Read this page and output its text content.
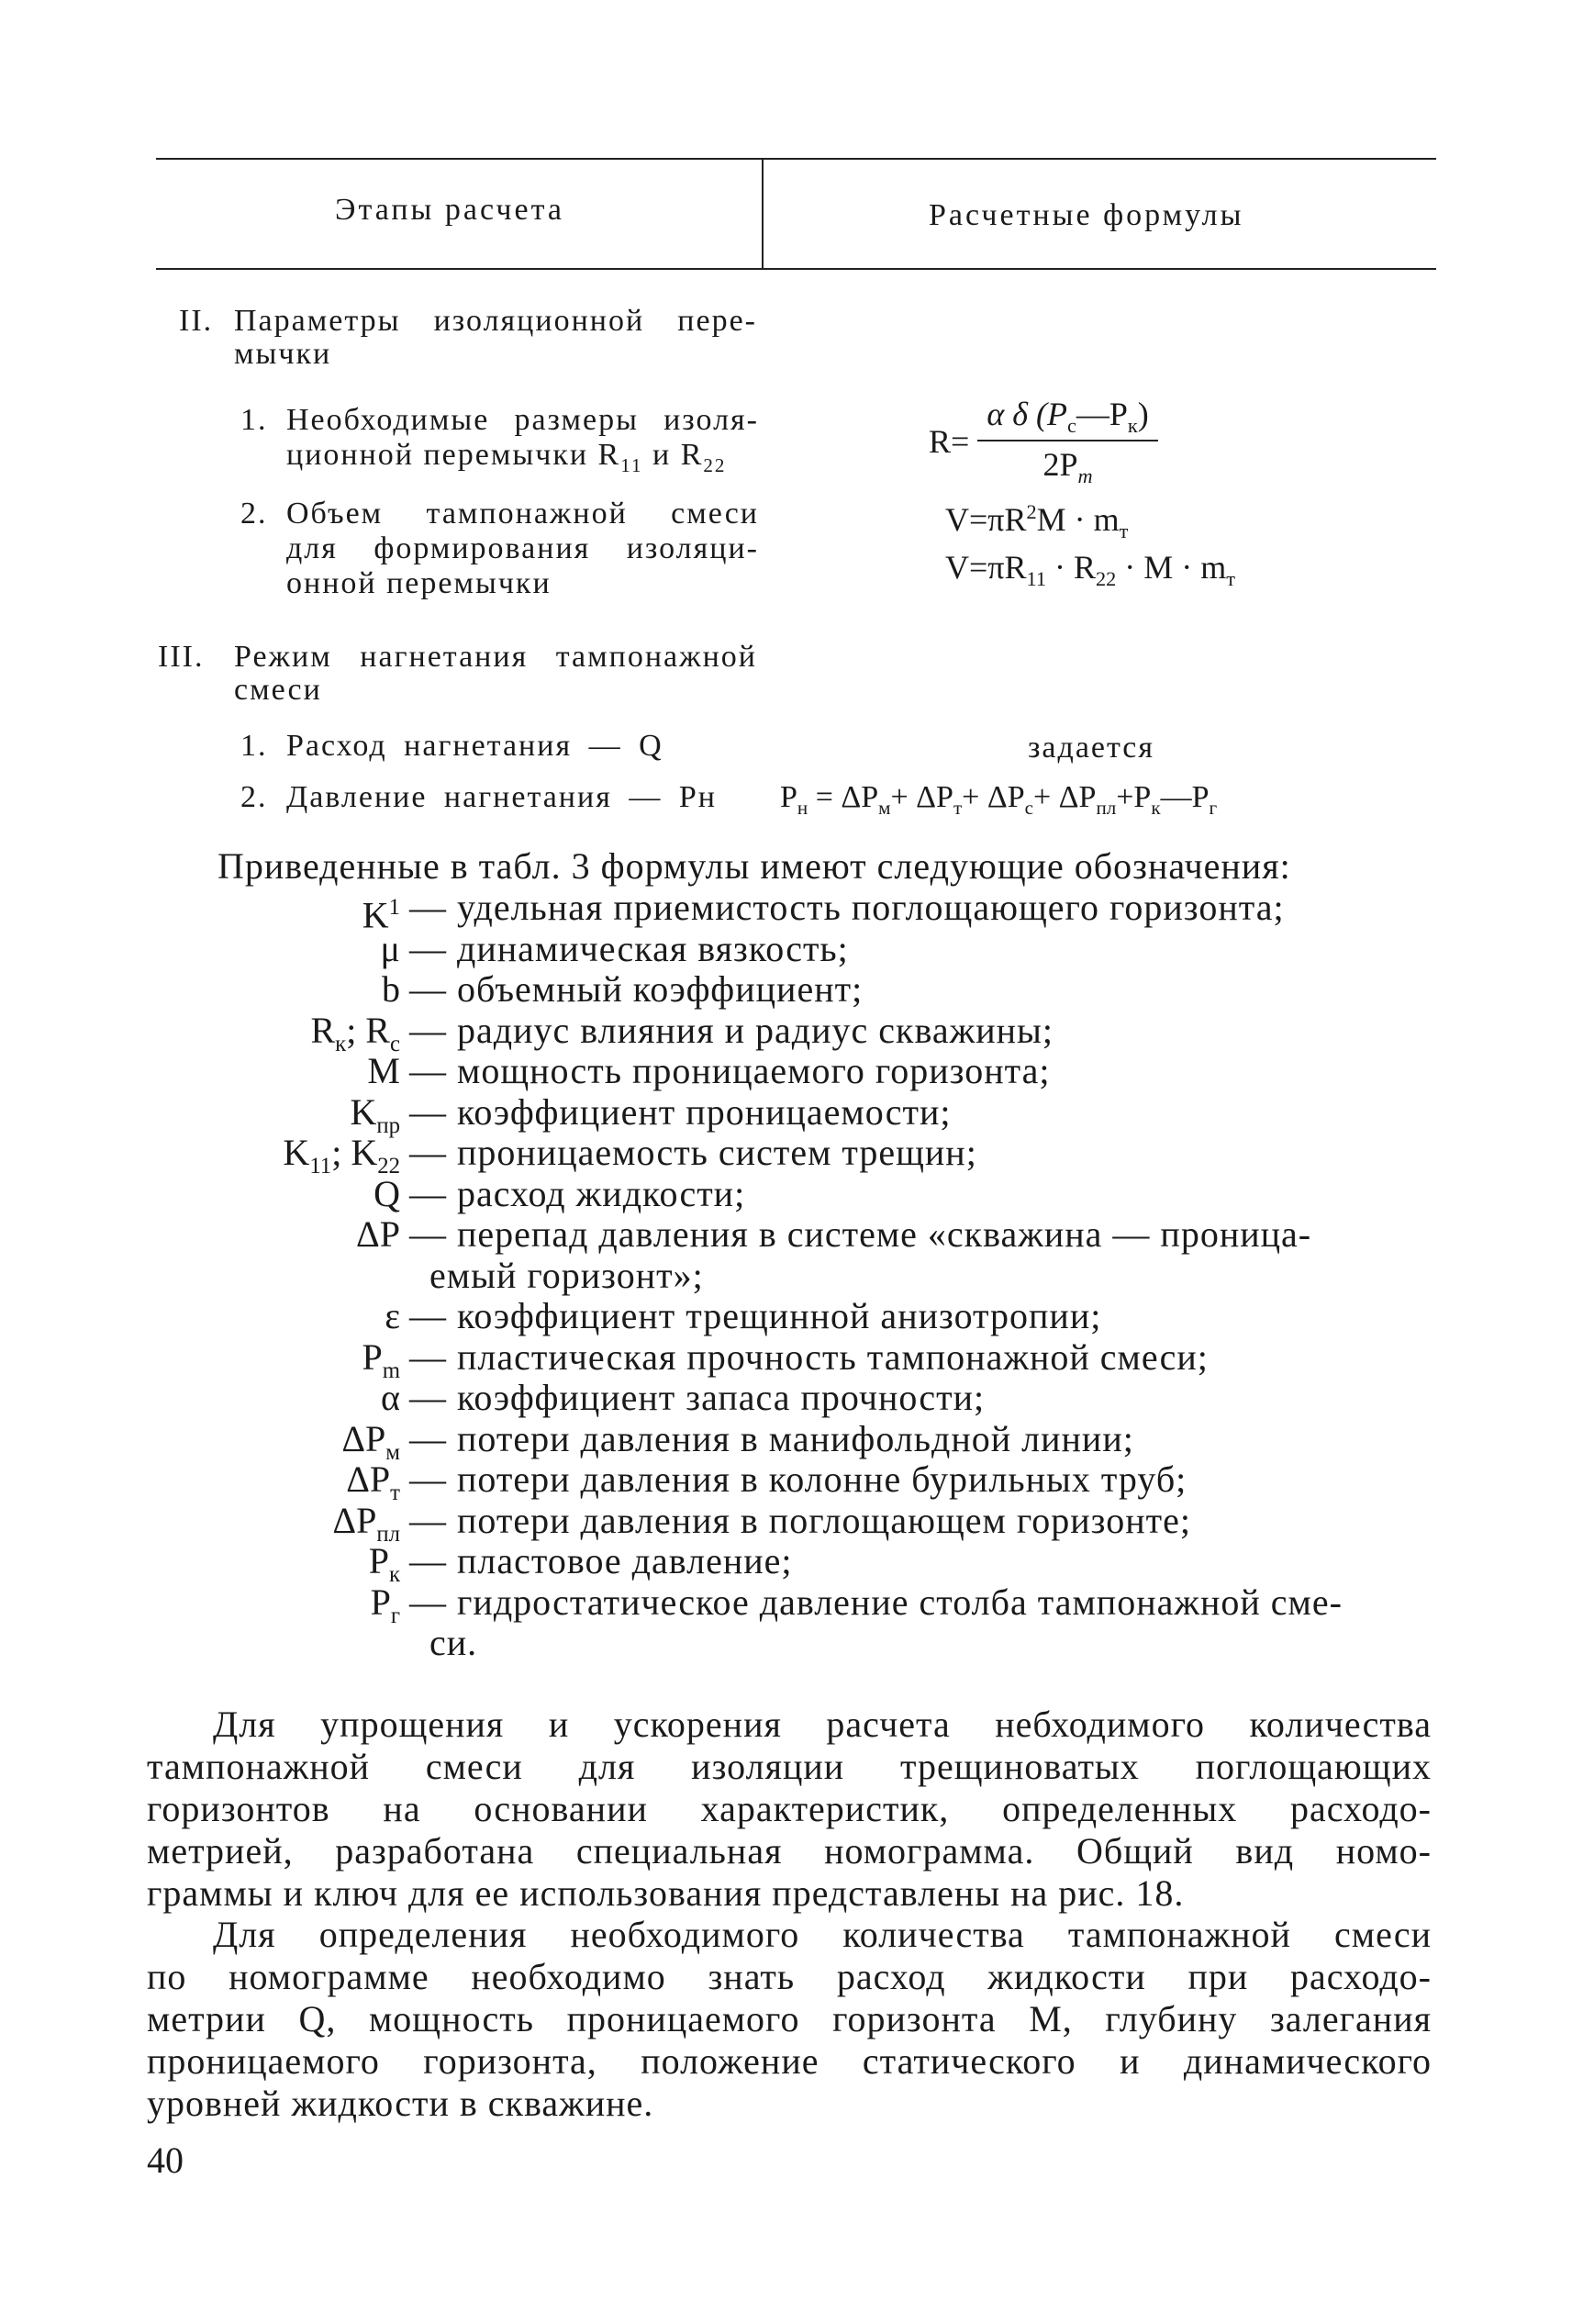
Этапы расчета	Расчетные формулы
II. Параметры изоляционной пере-
мычки
1. Необходимые размеры изоля-
ционной перемычки $R_{11}$ и $R_{22}$
2. Объем тампонажной смеси
для формирования изоляци-
онной перемычки
$R= \frac{\alpha \delta (P_с—P_к)}{2P_m}$
$V=\pi R^2M \cdot m_т$
$V=\pi R_{11} \cdot R_{22} \cdot M \cdot m_т$
III. Режим нагнетания тампонажной
смеси
1. Расход нагнетания — Q	задается
2. Давление нагнетания — Pн $P_н = \Delta P_м+ \Delta P_т+ \Delta P_с+$ $\Delta P_{пл}+P_к—P_г$
Приведенные в табл. 3 формулы имеют следующие обозначения:
$K^1$ — удельная приемистость поглощающего горизонта;
μ — динамическая вязкость;
b — объемный коэффициент;
$R_к$; $R_с$ — радиус влияния и радиус скважины;
M — мощность проницаемого горизонта;
$K_{пр}$ — коэффициент проницаемости;
$K_{11}$; $K_{22}$ — проницаемость систем трещин;
Q — расход жидкости;
ΔP — перепад давления в системе «скважина — проница-
емый горизонт»;
ε — коэффициент трещинной анизотропии;
$P_m$ — пластическая прочность тампонажной смеси;
α — коэффициент запаса прочности;
$\Delta P_м$ — потери давления в манифольдной линии;
$\Delta P_т$ — потери давления в колонне бурильных труб;
$\Delta P_{пл}$ — потери давления в поглощающем горизонте;
$P_к$ — пластовое давление;
$P_г$ — гидростатическое давление столба тампонажной сме-
си.
Для упрощения и ускорения расчета небходимого количества
тампонажной смеси для изоляции трещиноватых поглощающих
горизонтов на основании характеристик, определенных расходо-
метрией, разработана специальная номограмма. Общий вид номо-
граммы и ключ для ее использования представлены на рис. 18.
Для определения необходимого количества тампонажной смеси
по номограмме необходимо знать расход жидкости при расходо-
метрии Q, мощность проницаемого горизонта M, глубину залегания
проницаемого горизонта, положение статического и динамического
уровней жидкости в скважине.
40
